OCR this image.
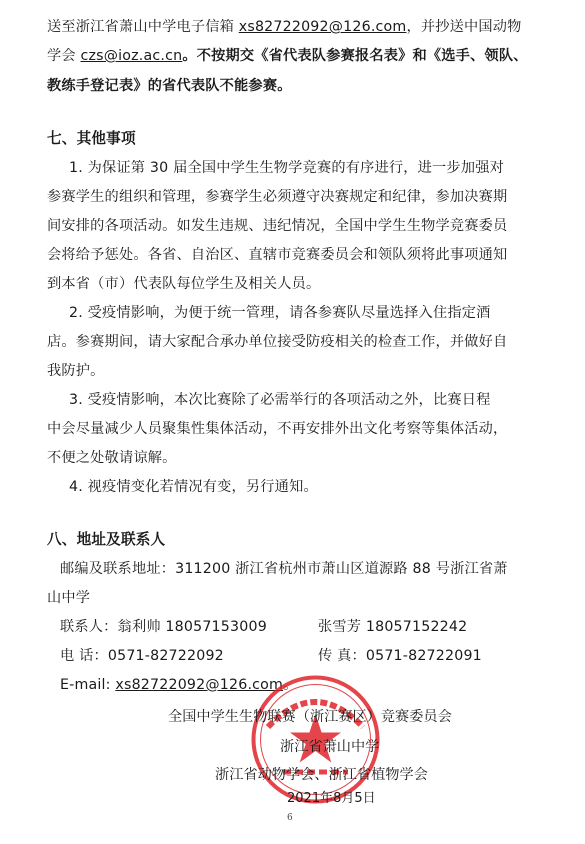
送至浙江省萧山中学电子信箱 xs82722092@126.com，并抄送中国动物
学会 czs@ioz.ac.cn。不按期交《省代表队参赛报名表》和《选手、领队、
教练手登记表》的省代表队不能参赛。
七、其他事项
1. 为保证第 30 届全国中学生生物学竞赛的有序进行，进一步加强对
参赛学生的组织和管理，参赛学生必须遵守决赛规定和纪律，参加决赛期
间安排的各项活动。如发生违规、违纪情况，全国中学生生物学竞赛委员
会将给予惩处。各省、自治区、直辖市竞赛委员会和领队须将此事项通知
到本省（市）代表队每位学生及相关人员。
2. 受疫情影响，为便于统一管理，请各参赛队尽量选择入住指定酒
店。参赛期间，请大家配合承办单位接受防疫相关的检查工作，并做好自
我防护。
3. 受疫情影响，本次比赛除了必需举行的各项活动之外，比赛日程
中会尽量减少人员聚集性集体活动，不再安排外出文化考察等集体活动，
不便之处敬请谅解。
4. 视疫情变化若情况有变，另行通知。
八、地址及联系人
邮编及联系地址：311200 浙江省杭州市萧山区道源路 88 号浙江省萧
山中学
联系人：翁利帅 18057153009	张雪芳 18057152242
电 话：0571-82722092	传 真：0571-82722091
E-mail: xs82722092@126.com。
全国中学生生物联赛（浙江赛区）竞赛委员会
浙江省萧山中学
浙江省动物学会、浙江省植物学会
2021年8月5日
6
